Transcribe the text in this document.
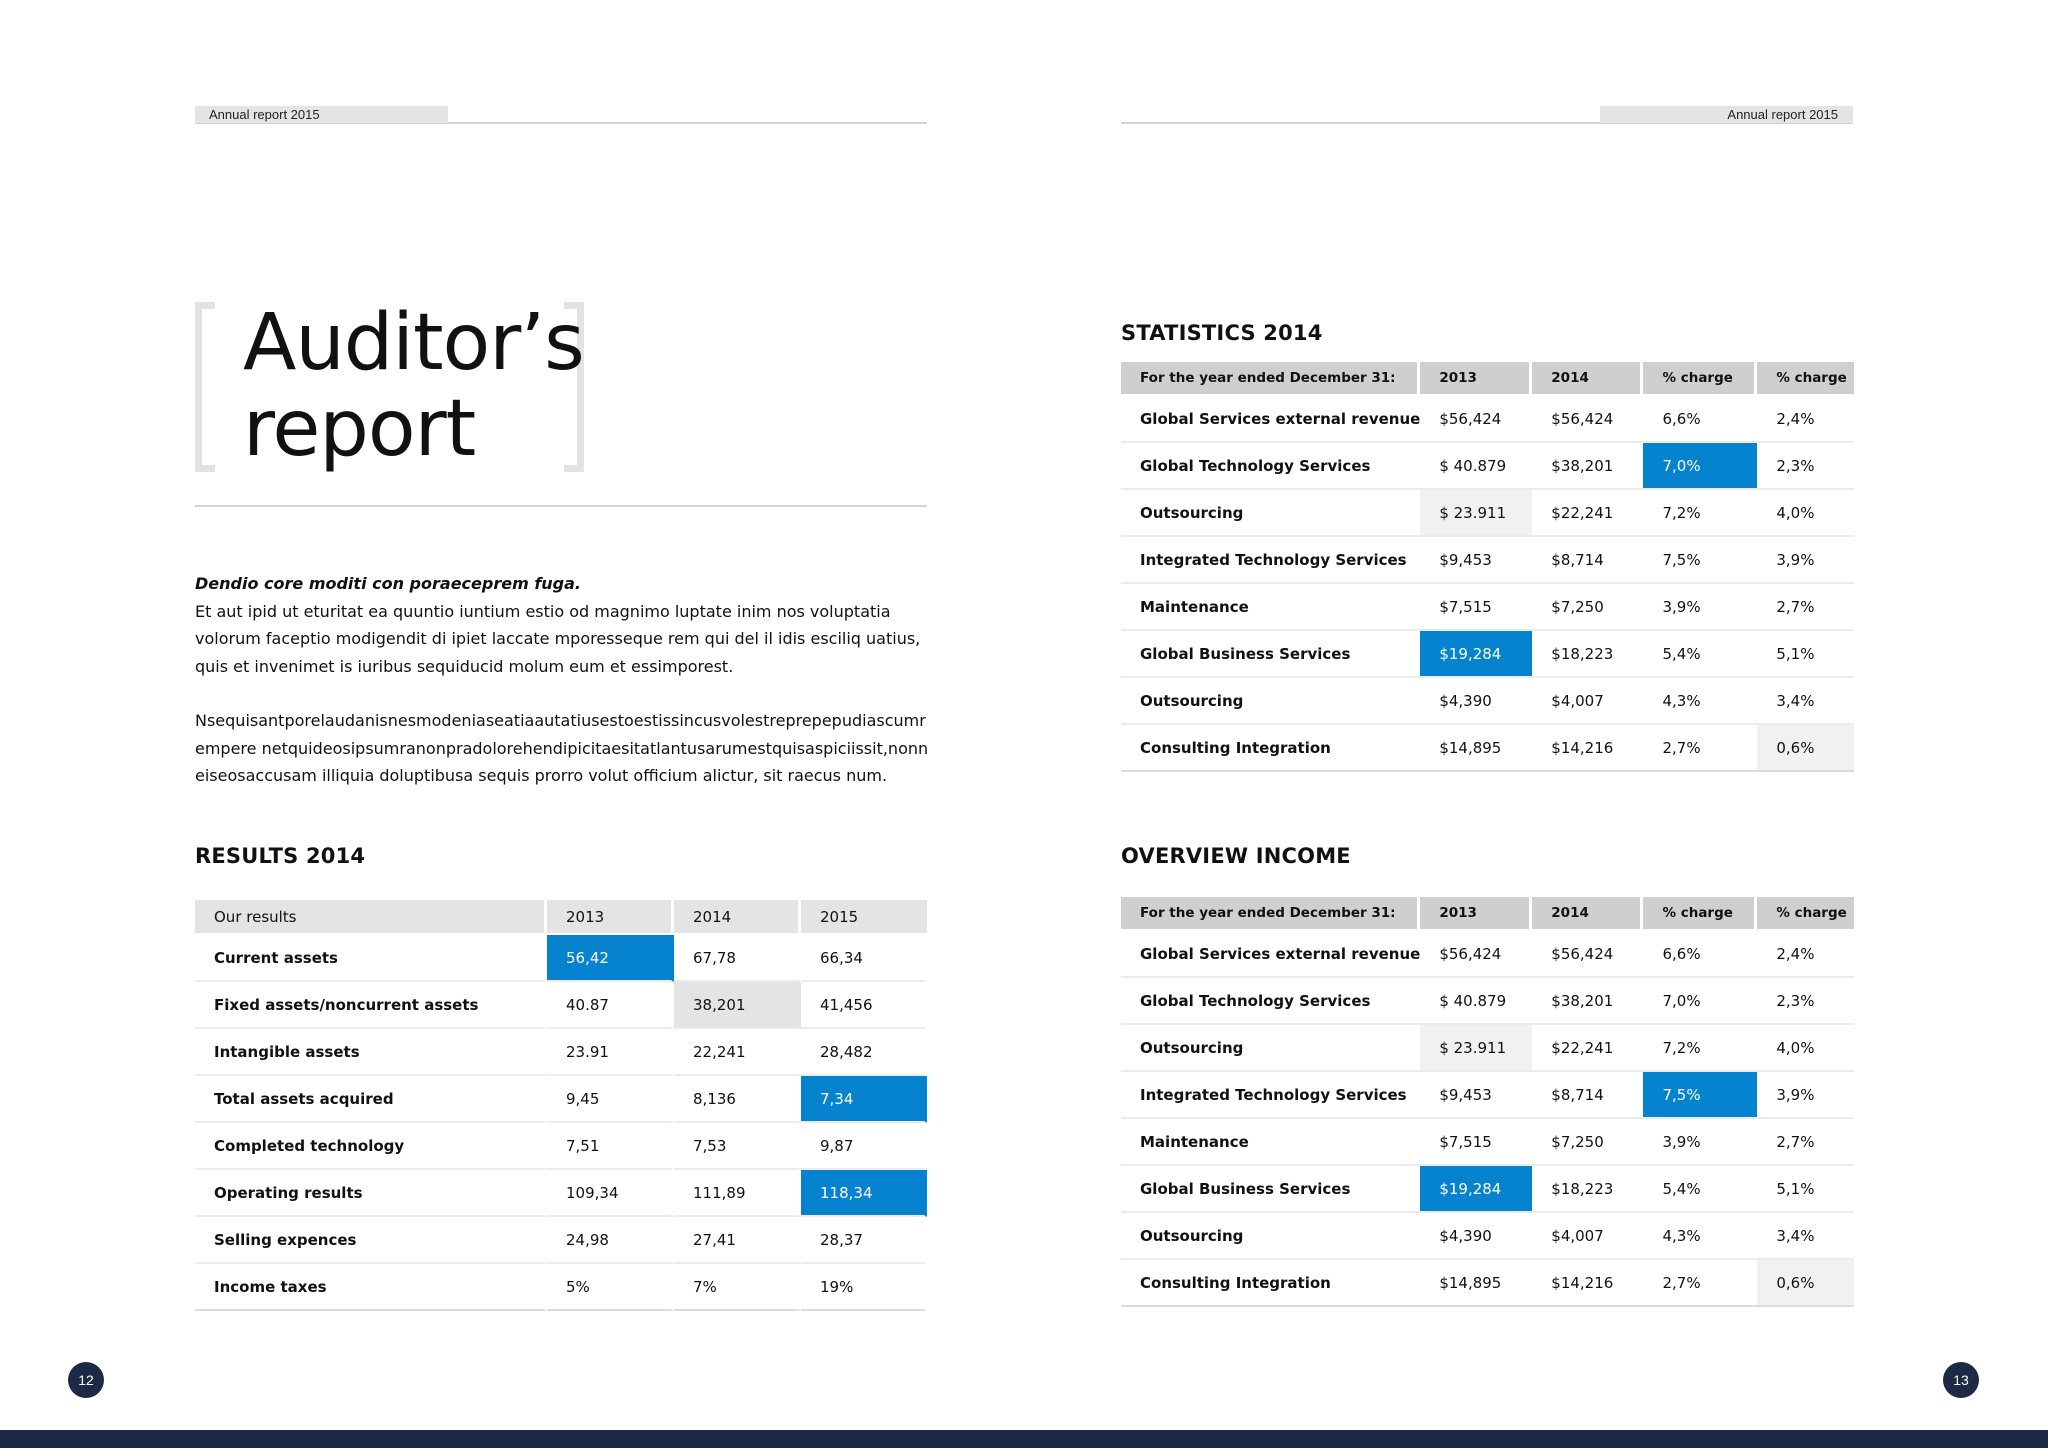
Annual report 2015	Annual report 2015
Auditor’s
report
Dendio core moditi con poraeceprem fuga.

Et aut ipid ut eturitat ea quuntio iuntium estio od magnimo luptate inim nos voluptatia volorum faceptio modigendit di ipiet laccate mporesseque rem qui del il idis esciliq uatius, quis et invenimet is iuribus sequiducid molum eum et essimporest.

Nsequisantporelaudanisnesmodeniaseatiaautatiusestoestissincusvolestreprepepudiascumrempere netquideosipsumranonpradolorehendipicitaesitatlantusarumestquisaspiciissit,nonneiseosaccusam illiquia doluptibusa sequis prorro volut officium alictur, sit raecus num.

RESULTS 2014
Our results	2013	2014	2015
Current assets	56,42	67,78	66,34
Fixed assets/noncurrent assets	40.87	38,201	41,456
Intangible assets	23.91	22,241	28,482
Total assets acquired	9,45	8,136	7,34
Completed technology	7,51	7,53	9,87
Operating results	109,34	111,89	118,34
Selling expences	24,98	27,41	28,37
Income taxes	5%	7%	19%
STATISTICS 2014
For the year ended December 31:	2013	2014	% charge	% charge
Global Services external revenue	$56,424	$56,424	6,6%	2,4%
Global Technology Services	$ 40.879	$38,201	7,0%	2,3%
Outsourcing	$ 23.911	$22,241	7,2%	4,0%
Integrated Technology Services	$9,453	$8,714	7,5%	3,9%
Maintenance	$7,515	$7,250	3,9%	2,7%
Global Business Services	$19,284	$18,223	5,4%	5,1%
Outsourcing	$4,390	$4,007	4,3%	3,4%
Consulting Integration	$14,895	$14,216	2,7%	0,6%
OVERVIEW INCOME
For the year ended December 31:	2013	2014	% charge	% charge
Global Services external revenue	$56,424	$56,424	6,6%	2,4%
Global Technology Services	$ 40.879	$38,201	7,0%	2,3%
Outsourcing	$ 23.911	$22,241	7,2%	4,0%
Integrated Technology Services	$9,453	$8,714	7,5%	3,9%
Maintenance	$7,515	$7,250	3,9%	2,7%
Global Business Services	$19,284	$18,223	5,4%	5,1%
Outsourcing	$4,390	$4,007	4,3%	3,4%
Consulting Integration	$14,895	$14,216	2,7%	0,6%
12	13
